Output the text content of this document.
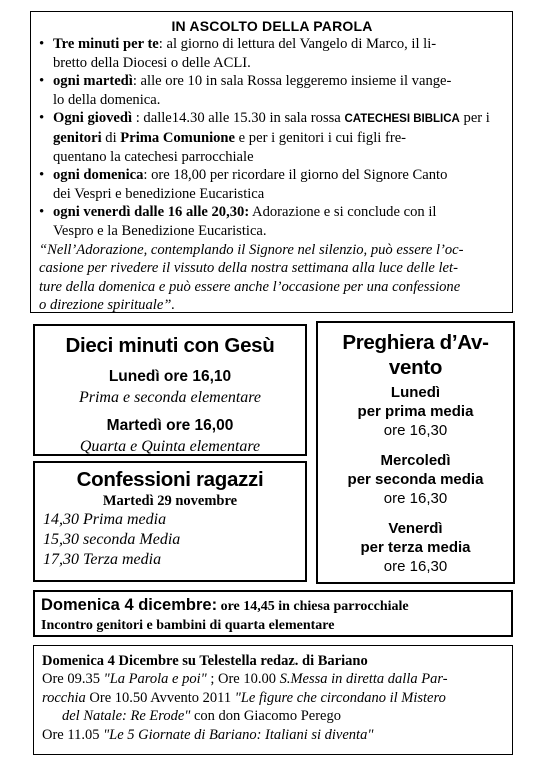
IN ASCOLTO DELLA PAROLA
• Tre minuti per te: al giorno di lettura del Vangelo di Marco, il li-
bretto della Diocesi o delle ACLI.
• ogni martedì: alle ore 10 in sala Rossa leggeremo insieme il vange-
lo della domenica.
• Ogni giovedì : dalle14.30 alle 15.30 in sala rossa CATECHESI BIBLICA per i genitori di Prima Comunione e per i genitori i cui figli fre-
quentano la catechesi parrocchiale
• ogni domenica: ore 18,00 per ricordare il giorno del Signore Canto
dei Vespri e benedizione Eucaristica
• ogni venerdì dalle 16 alle 20,30: Adorazione e si conclude con il
Vespro e la Benedizione Eucaristica.

“Nell’Adorazione, contemplando il Signore nel silenzio, può essere l’oc-
casione per rivedere il vissuto della nostra settimana alla luce delle let-
ture della domenica e può essere anche l’occasione per una confessione
o direzione spirituale”.

Dieci minuti con Gesù
Lunedì ore 16,10
Prima e seconda elementare
Martedì ore 16,00
Quarta e Quinta elementare
Preghiera d’Av-
vento
Lunedì
per prima media
ore 16,30
Mercoledì
per seconda media
ore 16,30
Venerdì
per terza media
ore 16,30
Confessioni ragazzi
Martedì 29 novembre
14,30 Prima media
15,30 seconda Media
17,30 Terza media
Domenica 4 dicembre: ore 14,45 in chiesa parrocchiale
Incontro genitori e bambini di quarta elementare
Domenica 4 Dicembre su Telestella redaz. di Bariano

Ore 09.35 "La Parola e poi" ; Ore 10.00 S.Messa in diretta dalla Par-

rocchia Ore 10.50 Avvento 2011 "Le figure che circondano il Mistero

del Natale: Re Erode" con don Giacomo Perego

Ore 11.05 "Le 5 Giornate di Bariano: Italiani si diventa"
